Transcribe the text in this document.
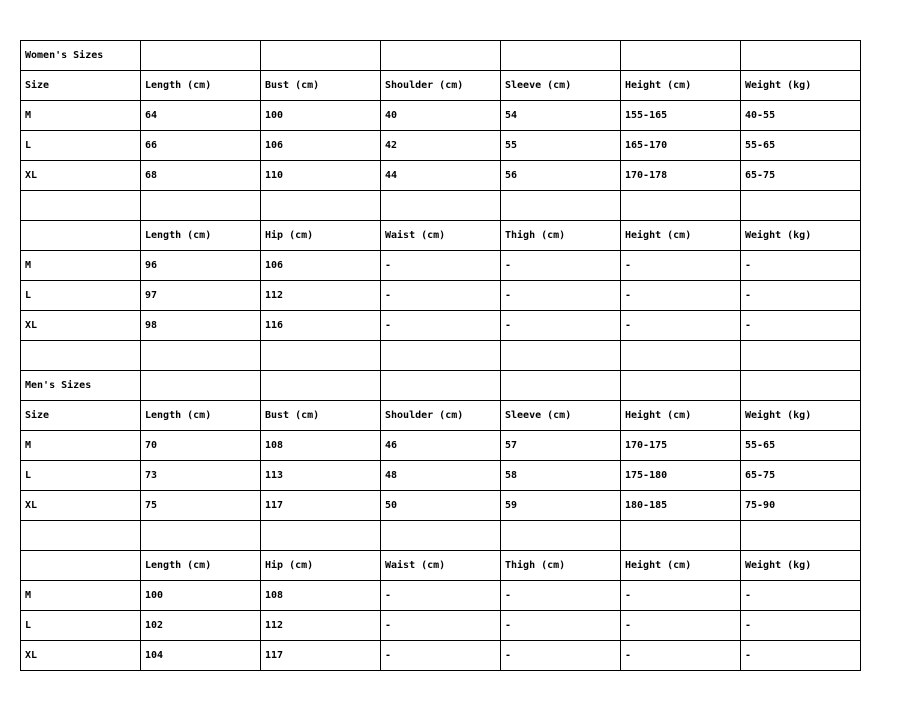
Women's Sizes						
Size	Length (cm)	Bust (cm)	Shoulder (cm)	Sleeve (cm)	Height (cm)	Weight (kg)
M	64	100	40	54	155-165	40-55
L	66	106	42	55	165-170	55-65
XL	68	110	44	56	170-178	65-75

	Length (cm)	Hip (cm)	Waist (cm)	Thigh (cm)	Height (cm)	Weight (kg)
M	96	106	-	-	-	-
L	97	112	-	-	-	-
XL	98	116	-	-	-	-

Men's Sizes						
Size	Length (cm)	Bust (cm)	Shoulder (cm)	Sleeve (cm)	Height (cm)	Weight (kg)
M	70	108	46	57	170-175	55-65
L	73	113	48	58	175-180	65-75
XL	75	117	50	59	180-185	75-90

	Length (cm)	Hip (cm)	Waist (cm)	Thigh (cm)	Height (cm)	Weight (kg)
M	100	108	-	-	-	-
L	102	112	-	-	-	-
XL	104	117	-	-	-	-
